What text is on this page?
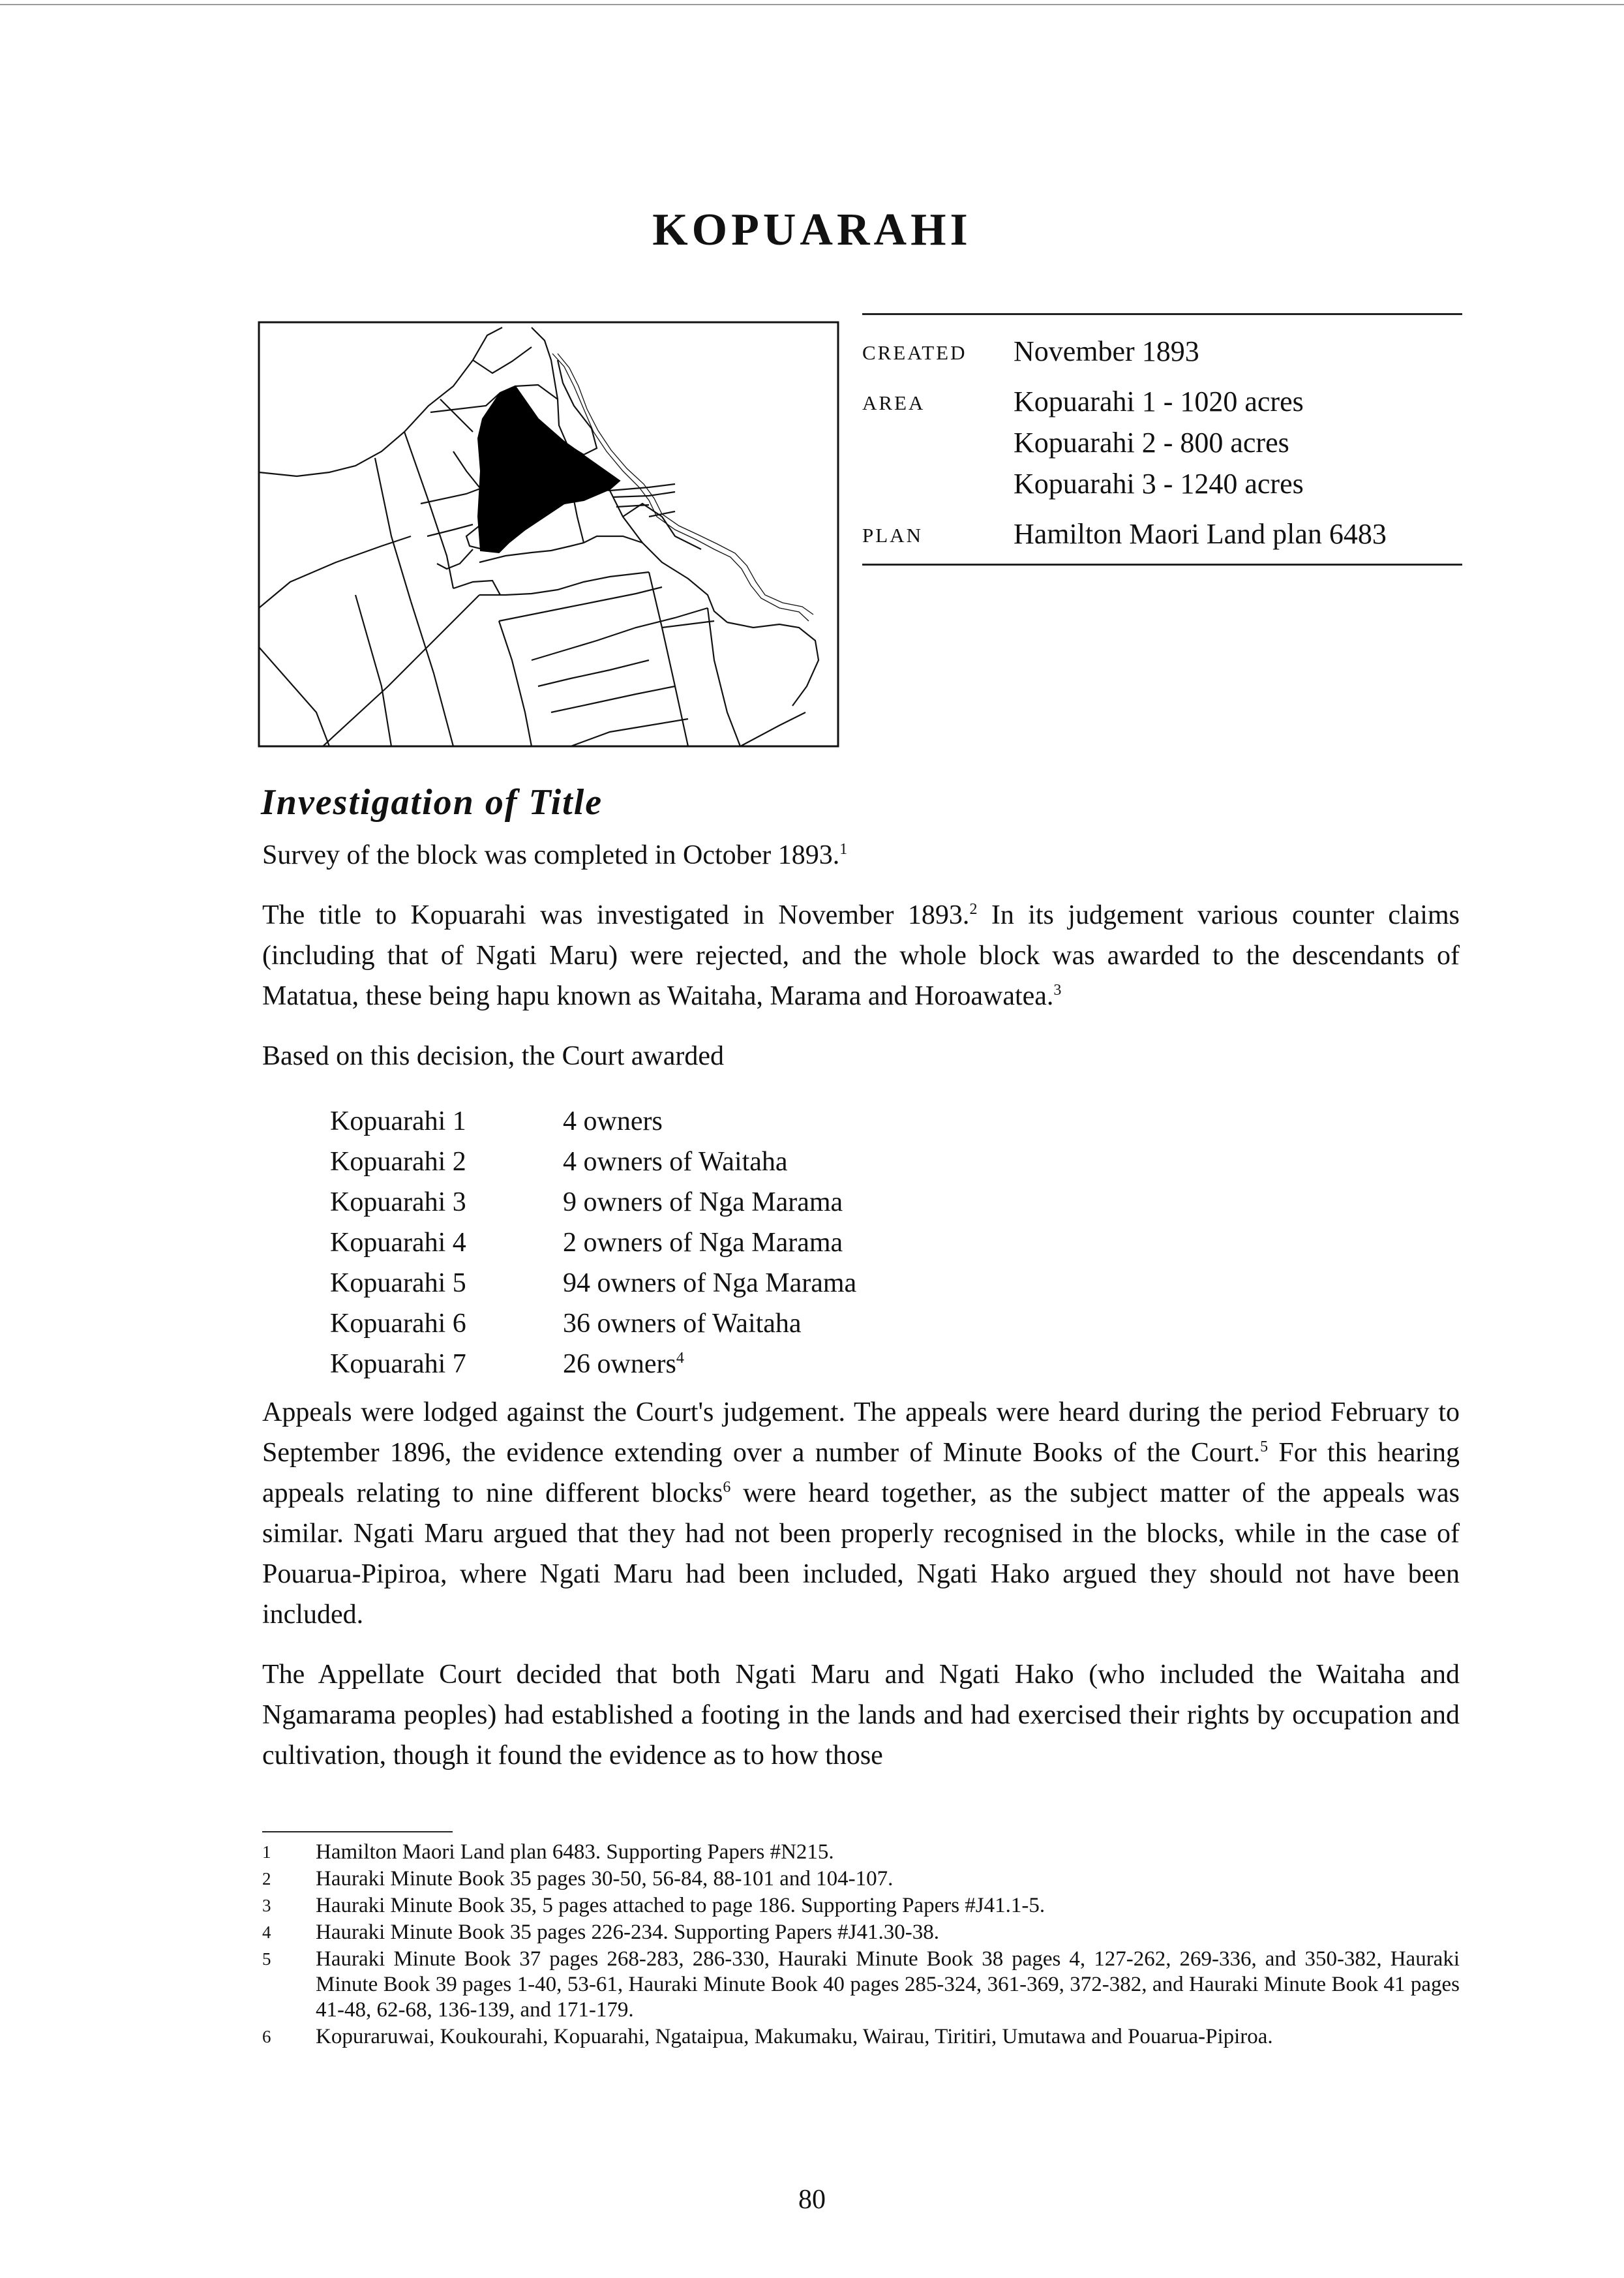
KOPUARAHI
CREATED	November 1893
AREA	Kopuarahi 1 - 1020 acres
Kopuarahi 2 - 800 acres
Kopuarahi 3 - 1240 acres
PLAN	Hamilton Maori Land plan 6483
Investigation of Title

Survey of the block was completed in October 1893.$^1$

The title to Kopuarahi was investigated in November 1893.$^2$ In its judgement various counter claims (including that of Ngati Maru) were rejected, and the whole block was awarded to the descendants of Matatua, these being hapu known as Waitaha, Marama and Horoawatea.$^3$

Based on this decision, the Court awarded

Kopuarahi 1	4 owners
Kopuarahi 2	4 owners of Waitaha
Kopuarahi 3	9 owners of Nga Marama
Kopuarahi 4	2 owners of Nga Marama
Kopuarahi 5	94 owners of Nga Marama
Kopuarahi 6	36 owners of Waitaha
Kopuarahi 7	26 owners$^4$

Appeals were lodged against the Court's judgement. The appeals were heard during the period February to September 1896, the evidence extending over a number of Minute Books of the Court.$^5$ For this hearing appeals relating to nine different blocks$^6$ were heard together, as the subject matter of the appeals was similar. Ngati Maru argued that they had not been properly recognised in the blocks, while in the case of Pouarua-Pipiroa, where Ngati Maru had been included, Ngati Hako argued they should not have been included.

The Appellate Court decided that both Ngati Maru and Ngati Hako (who included the Waitaha and Ngamarama peoples) had established a footing in the lands and had exercised their rights by occupation and cultivation, though it found the evidence as to how those

1	Hamilton Maori Land plan 6483. Supporting Papers #N215.
2	Hauraki Minute Book 35 pages 30-50, 56-84, 88-101 and 104-107.
3	Hauraki Minute Book 35, 5 pages attached to page 186. Supporting Papers #J41.1-5.
4	Hauraki Minute Book 35 pages 226-234. Supporting Papers #J41.30-38.
5	Hauraki Minute Book 37 pages 268-283, 286-330, Hauraki Minute Book 38 pages 4, 127-262, 269-336, and 350-382, Hauraki Minute Book 39 pages 1-40, 53-61, Hauraki Minute Book 40 pages 285-324, 361-369, 372-382, and Hauraki Minute Book 41 pages 41-48, 62-68, 136-139, and 171-179.
6	Kopuraruwai, Koukourahi, Kopuarahi, Ngataipua, Makumaku, Wairau, Tiritiri, Umutawa and Pouarua-Pipiroa.
80
